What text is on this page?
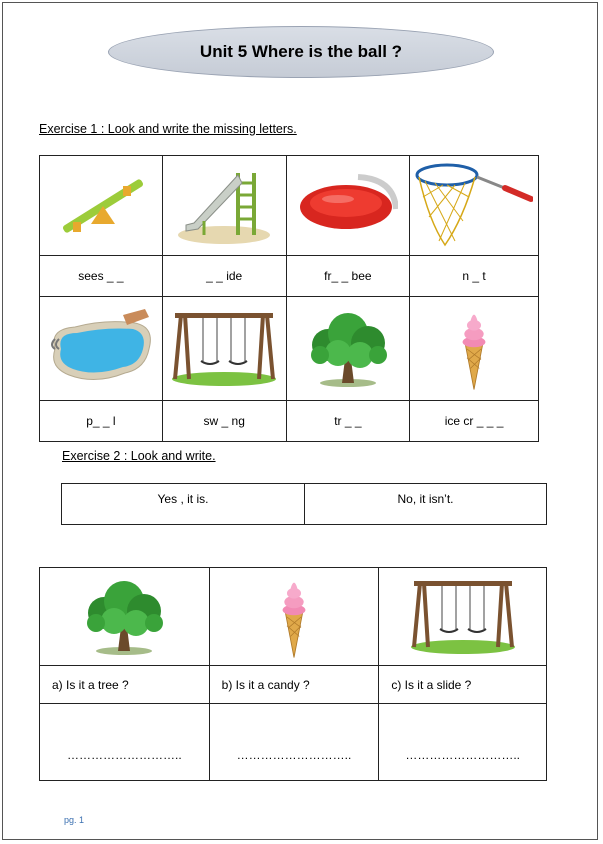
Unit 5 Where is the ball ?
Exercise 1 : Look and write the missing letters.

sees _ _	_ _ ide	fr_ _ bee	n _ t

p_ _ l	sw _ ng	tr _ _	ice cr _ _ _
Exercise 2 : Look and write.
Yes , it is.	No, it isn’t.

a) Is it a tree ?	b) Is it a candy ?	c) Is it a slide ?
………………………..	………………………..	………………………..
pg. 1
